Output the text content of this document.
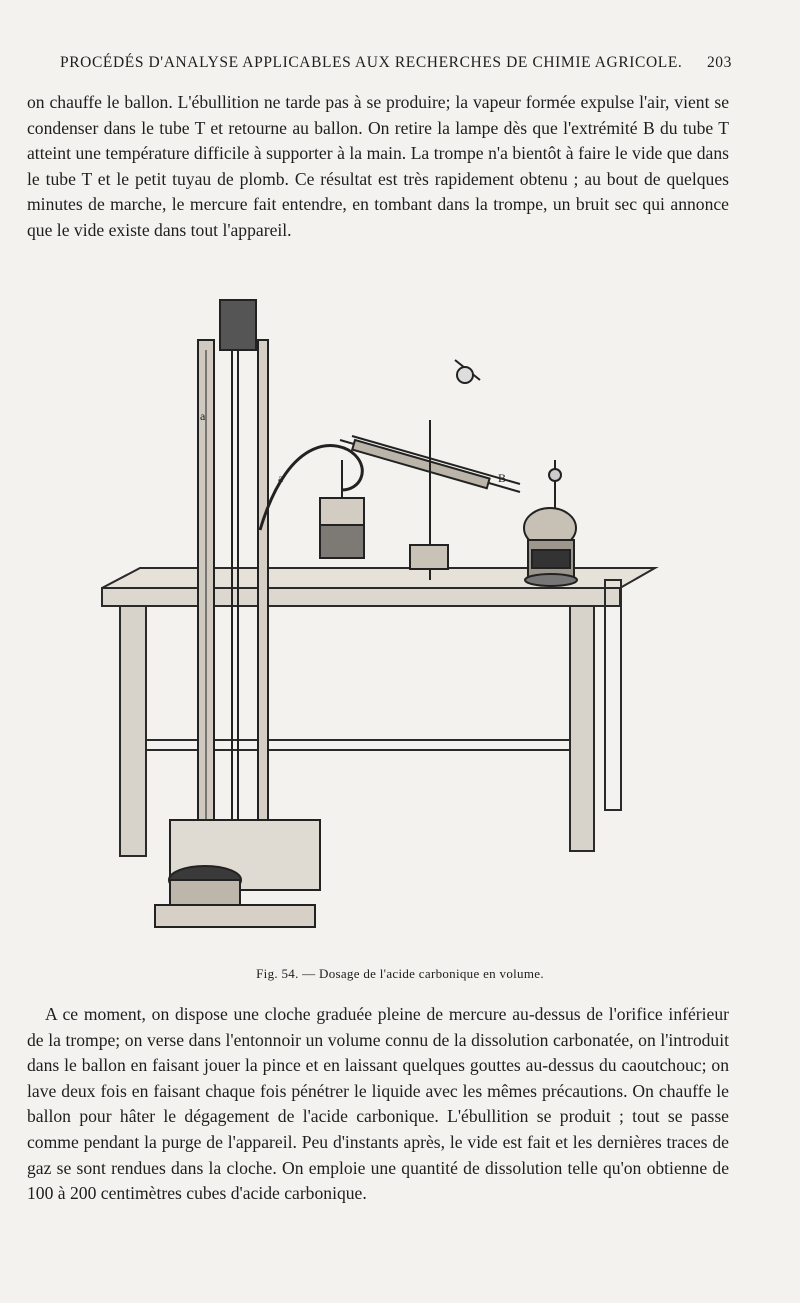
PROCÉDÉS D'ANALYSE APPLICABLES AUX RECHERCHES DE CHIMIE AGRICOLE. 203

on chauffe le ballon. L'ébullition ne tarde pas à se produire; la vapeur formée expulse l'air, vient se condenser dans le tube T et retourne au ballon. On retire la lampe dès que l'extrémité B du tube T atteint une température difficile à supporter à la main. La trompe n'a bientôt à faire le vide que dans le tube T et le petit tuyau de plomb. Ce résultat est très rapidement obtenu ; au bout de quelques minutes de marche, le mercure fait entendre, en tombant dans la trompe, un bruit sec qui annonce que le vide existe dans tout l'appareil.

a
a'	B
Fig. 54. — Dosage de l'acide carbonique en volume.

A ce moment, on dispose une cloche graduée pleine de mercure au-dessus de l'orifice inférieur de la trompe; on verse dans l'entonnoir un volume connu de la dissolution carbonatée, on l'introduit dans le ballon en faisant jouer la pince et en laissant quelques gouttes au-dessus du caoutchouc; on lave deux fois en faisant chaque fois pénétrer le liquide avec les mêmes précautions. On chauffe le ballon pour hâter le dégagement de l'acide carbonique. L'ébullition se produit ; tout se passe comme pendant la purge de l'appareil. Peu d'instants après, le vide est fait et les dernières traces de gaz se sont rendues dans la cloche. On emploie une quantité de dissolution telle qu'on obtienne de 100 à 200 centimètres cubes d'acide carbonique.
